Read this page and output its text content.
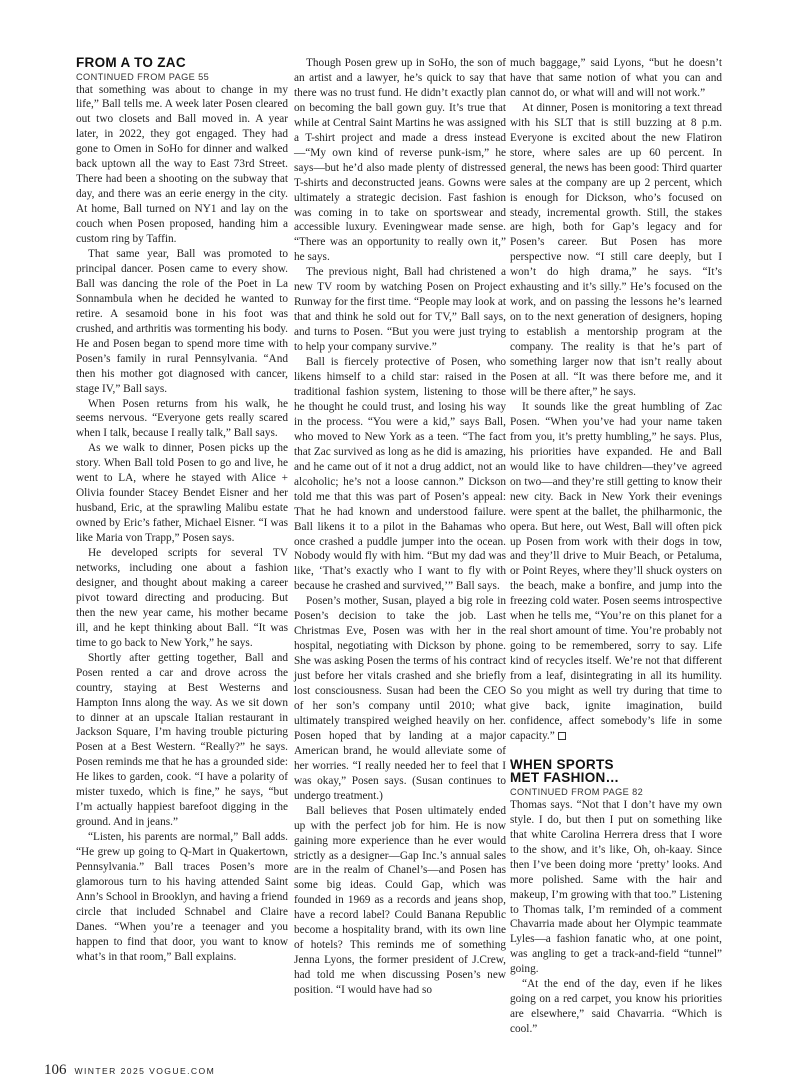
FROM A TO ZAC
CONTINUED FROM PAGE 55

that something was about to change in my life,” Ball tells me. A week later Posen cleared out two closets and Ball moved in. A year later, in 2022, they got engaged. They had gone to Omen in SoHo for dinner and walked back uptown all the way to East 73rd Street. There had been a shooting on the subway that day, and there was an eerie energy in the city. At home, Ball turned on NY1 and lay on the couch when Posen proposed, handing him a custom ring by Taffin.

That same year, Ball was promoted to principal dancer. Posen came to every show. Ball was dancing the role of the Poet in La Sonnambula when he decided he wanted to retire. A sesamoid bone in his foot was crushed, and arthritis was tormenting his body. He and Posen began to spend more time with Posen’s family in rural Pennsylvania. “And then his mother got diagnosed with cancer, stage IV,” Ball says.

When Posen returns from his walk, he seems nervous. “Everyone gets really scared when I talk, because I really talk,” Ball says.

As we walk to dinner, Posen picks up the story. When Ball told Posen to go and live, he went to LA, where he stayed with Alice + Olivia founder Stacey Bendet Eisner and her husband, Eric, at the sprawling Malibu estate owned by Eric’s father, Michael Eisner. “I was like Maria von Trapp,” Posen says.

He developed scripts for several TV networks, including one about a fashion designer, and thought about making a career pivot toward directing and producing. But then the new year came, his mother became ill, and he kept thinking about Ball. “It was time to go back to New York,” he says.

Shortly after getting together, Ball and Posen rented a car and drove across the country, staying at Best Westerns and Hampton Inns along the way. As we sit down to dinner at an upscale Italian restaurant in Jackson Square, I’m having trouble picturing Posen at a Best Western. “Really?” he says. Posen reminds me that he has a grounded side: He likes to garden, cook. “I have a polarity of mister tuxedo, which is fine,” he says, “but I’m actually happiest barefoot digging in the ground. And in jeans.”

“Listen, his parents are normal,” Ball adds. “He grew up going to Q-Mart in Quakertown, Pennsylvania.” Ball traces Posen’s more glamorous turn to his having attended Saint Ann’s School in Brooklyn, and having a friend circle that included Schnabel and Claire Danes. “When you’re a teenager and you happen to find that door, you want to know what’s in that room,” Ball explains.

Though Posen grew up in SoHo, the son of an artist and a lawyer, he’s quick to say that there was no trust fund. He didn’t exactly plan on becoming the ball gown guy. It’s true that while at Central Saint Martins he was assigned a T-shirt project and made a dress instead—“My own kind of reverse punk-ism,” he says—but he’d also made plenty of distressed T-shirts and deconstructed jeans. Gowns were ultimately a strategic decision. Fast fashion was coming in to take on sportswear and accessible luxury. Eveningwear made sense. “There was an opportunity to really own it,” he says.

The previous night, Ball had christened a new TV room by watching Posen on Project Runway for the first time. “People may look at that and think he sold out for TV,” Ball says, and turns to Posen. “But you were just trying to help your company survive.”

Ball is fiercely protective of Posen, who likens himself to a child star: raised in the traditional fashion system, listening to those he thought he could trust, and losing his way in the process. “You were a kid,” says Ball, who moved to New York as a teen. “The fact that Zac survived as long as he did is amazing, and he came out of it not a drug addict, not an alcoholic; he’s not a loose cannon.” Dickson told me that this was part of Posen’s appeal: That he had known and understood failure. Ball likens it to a pilot in the Bahamas who once crashed a puddle jumper into the ocean. Nobody would fly with him. “But my dad was like, ‘That’s exactly who I want to fly with because he crashed and survived,’” Ball says.

Posen’s mother, Susan, played a big role in Posen’s decision to take the job. Last Christmas Eve, Posen was with her in the hospital, negotiating with Dickson by phone. She was asking Posen the terms of his contract just before her vitals crashed and she briefly lost consciousness. Susan had been the CEO of her son’s company until 2010; what ultimately transpired weighed heavily on her. Posen hoped that by landing at a major American brand, he would alleviate some of her worries. “I really needed her to feel that I was okay,” Posen says. (Susan continues to undergo treatment.)

Ball believes that Posen ultimately ended up with the perfect job for him. He is now gaining more experience than he ever would strictly as a designer—Gap Inc.’s annual sales are in the realm of Chanel’s—and Posen has some big ideas. Could Gap, which was founded in 1969 as a records and jeans shop, have a record label? Could Banana Republic become a hospitality brand, with its own line of hotels? This reminds me of something Jenna Lyons, the former president of J.Crew, had told me when discussing Posen’s new position. “I would have had so

much baggage,” said Lyons, “but he doesn’t have that same notion of what you can and cannot do, or what will and will not work.”

At dinner, Posen is monitoring a text thread with his SLT that is still buzzing at 8 p.m. Everyone is excited about the new Flatiron store, where sales are up 60 percent. In general, the news has been good: Third quarter sales at the company are up 2 percent, which is enough for Dickson, who’s focused on steady, incremental growth. Still, the stakes are high, both for Gap’s legacy and for Posen’s career. But Posen has more perspective now. “I still care deeply, but I won’t do high drama,” he says. “It’s exhausting and it’s silly.” He’s focused on the work, and on passing the lessons he’s learned on to the next generation of designers, hoping to establish a mentorship program at the company. The reality is that he’s part of something larger now that isn’t really about Posen at all. “It was there before me, and it will be there after,” he says.

It sounds like the great humbling of Zac Posen. “When you’ve had your name taken from you, it’s pretty humbling,” he says. Plus, his priorities have expanded. He and Ball would like to have children—they’ve agreed on two—and they’re still getting to know their new city. Back in New York their evenings were spent at the ballet, the philharmonic, the opera. But here, out West, Ball will often pick up Posen from work with their dogs in tow, and they’ll drive to Muir Beach, or Petaluma, or Point Reyes, where they’ll shuck oysters on the beach, make a bonfire, and jump into the freezing cold water. Posen seems introspective when he tells me, “You’re on this planet for a real short amount of time. You’re probably not going to be remembered, sorry to say. Life kind of recycles itself. We’re not that different from a leaf, disintegrating in all its humility. So you might as well try during that time to give back, ignite imagination, build confidence, affect somebody’s life in some capacity.”

WHEN SPORTS
MET FASHION…
CONTINUED FROM PAGE 82

Thomas says. “Not that I don’t have my own style. I do, but then I put on something like that white Carolina Herrera dress that I wore to the show, and it’s like, Oh, oh-kaay. Since then I’ve been doing more ‘pretty’ looks. And more polished. Same with the hair and makeup, I’m growing with that too.” Listening to Thomas talk, I’m reminded of a comment Chavarria made about her Olympic teammate Lyles—a fashion fanatic who, at one point, was angling to get a track-and-field “tunnel” going.

“At the end of the day, even if he likes going on a red carpet, you know his priorities are elsewhere,” said Chavarria. “Which is cool.”

106 WINTER 2025 VOGUE.COM
